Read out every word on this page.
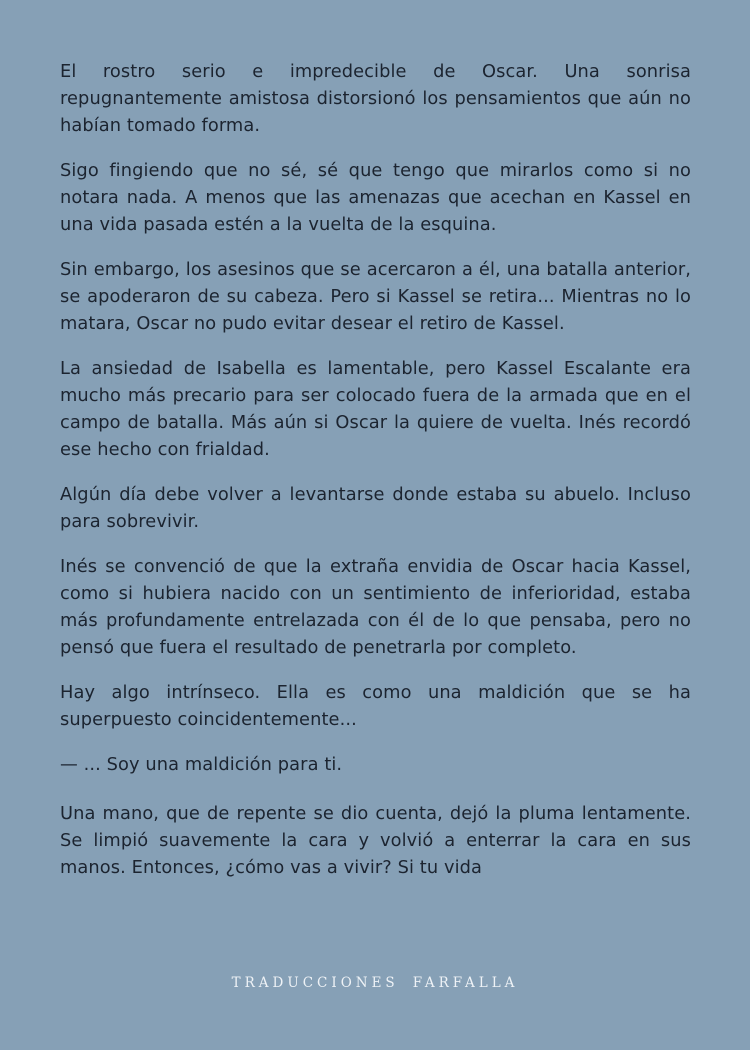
El rostro serio e impredecible de Oscar. Una sonrisa repugnantemente amistosa distorsionó los pensamientos que aún no habían tomado forma.

Sigo fingiendo que no sé, sé que tengo que mirarlos como si no notara nada. A menos que las amenazas que acechan en Kassel en una vida pasada estén a la vuelta de la esquina.

Sin embargo, los asesinos que se acercaron a él, una batalla anterior, se apoderaron de su cabeza. Pero si Kassel se retira... Mientras no lo matara, Oscar no pudo evitar desear el retiro de Kassel.

La ansiedad de Isabella es lamentable, pero Kassel Escalante era mucho más precario para ser colocado fuera de la armada que en el campo de batalla. Más aún si Oscar la quiere de vuelta. Inés recordó ese hecho con frialdad.

Algún día debe volver a levantarse donde estaba su abuelo. Incluso para sobrevivir.

Inés se convenció de que la extraña envidia de Oscar hacia Kassel, como si hubiera nacido con un sentimiento de inferioridad, estaba más profundamente entrelazada con él de lo que pensaba, pero no pensó que fuera el resultado de penetrarla por completo.

Hay algo intrínseco. Ella es como una maldición que se ha superpuesto coincidentemente...

— ... Soy una maldición para ti.

Una mano, que de repente se dio cuenta, dejó la pluma lentamente. Se limpió suavemente la cara y volvió a enterrar la cara en sus manos. Entonces, ¿cómo vas a vivir? Si tu vida

TRADUCCIONES FARFALLA
